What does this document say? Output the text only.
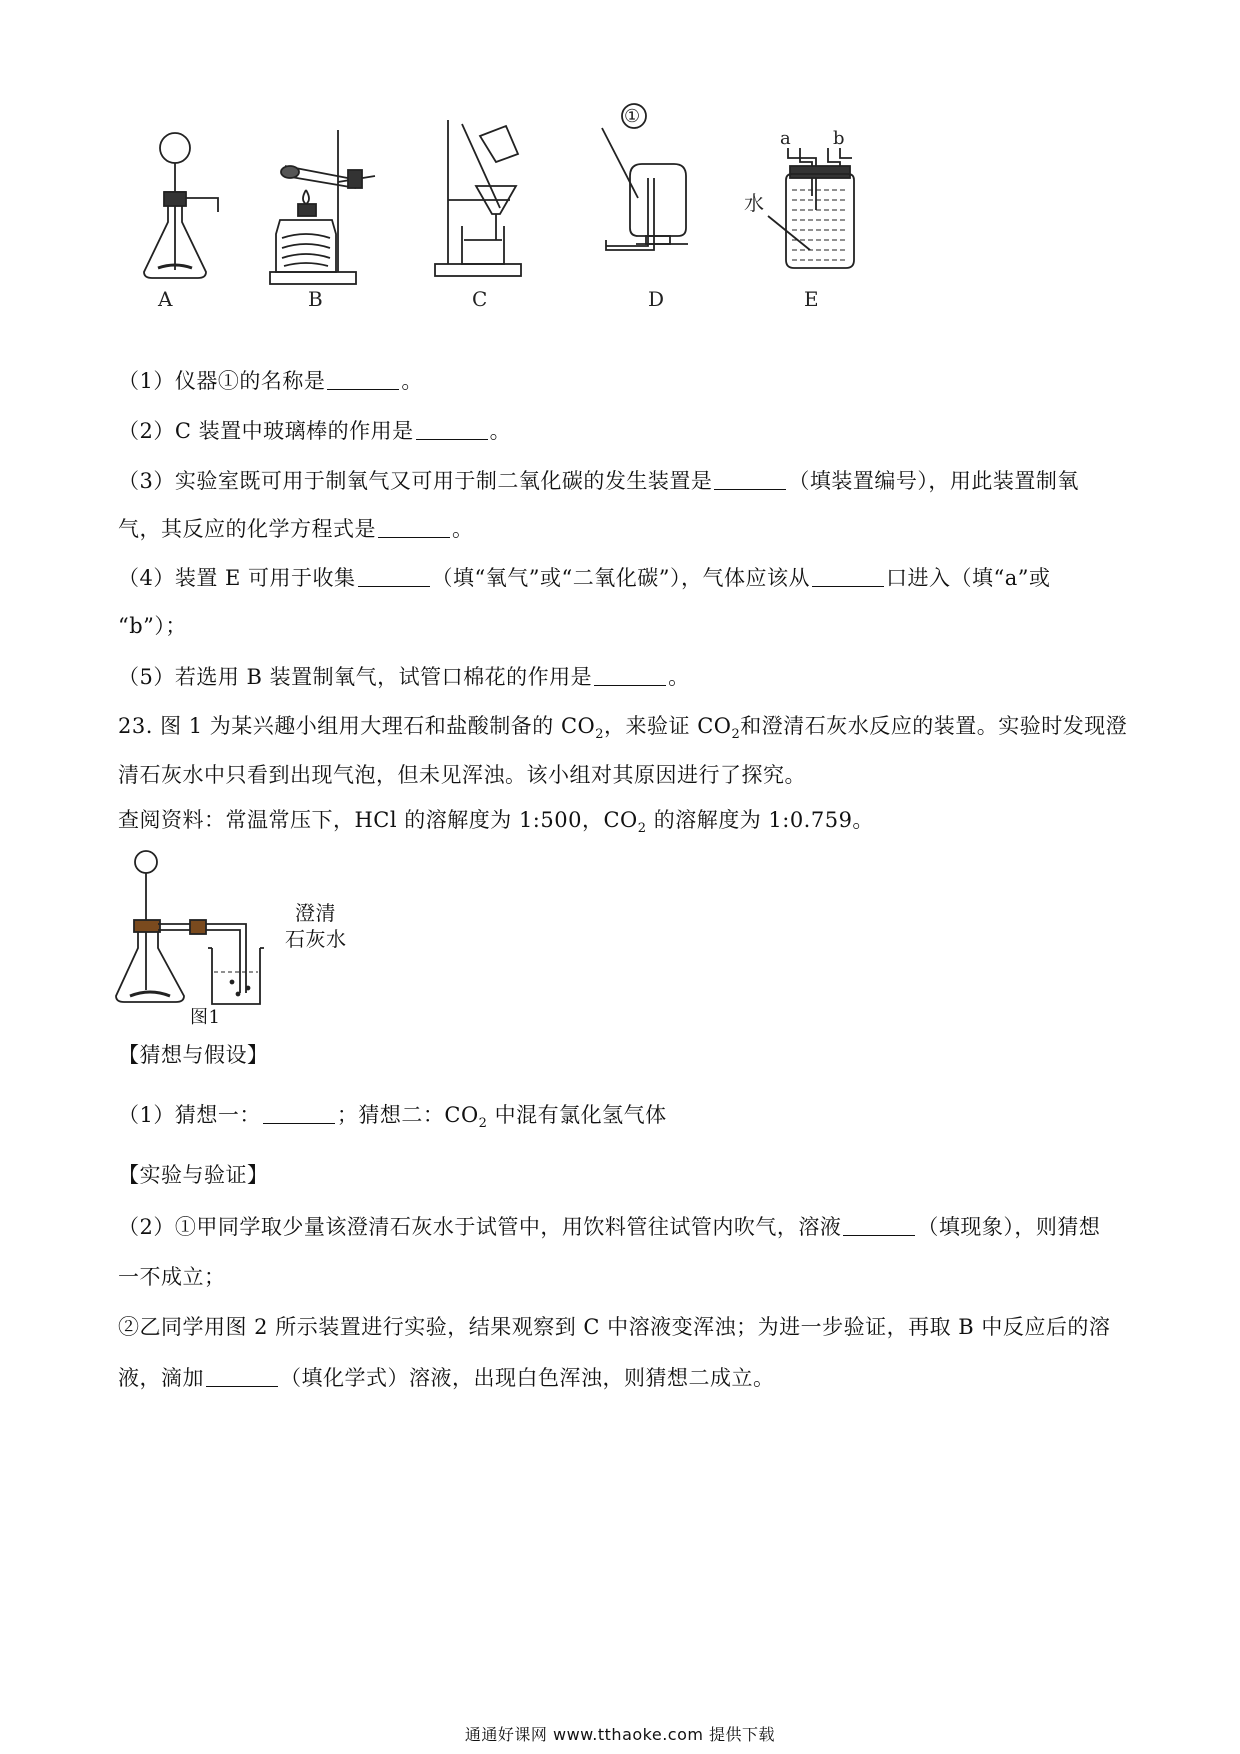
A	B	C	D	E
①
a b
水
（1）仪器①的名称是	。
（2）C 装置中玻璃棒的作用是	。
（3）实验室既可用于制氧气又可用于制二氧化碳的发生装置是	（填装置编号），用此装置制氧
气，其反应的化学方程式是	。
（4）装置 E 可用于收集	（填“氧气”或“二氧化碳”），气体应该从	口进入（填“a”或
“b”）；
（5）若选用 B 装置制氧气，试管口棉花的作用是	。
23. 图 1 为某兴趣小组用大理石和盐酸制备的 $CO_2$，来验证 $CO_2$和澄清石灰水反应的装置。实验时发现澄
清石灰水中只看到出现气泡，但未见浑浊。该小组对其原因进行了探究。
查阅资料：常温常压下，HCl 的溶解度为 1:500，$CO_2$ 的溶解度为 1:0.759。
澄清
石灰水
图1
【猜想与假设】
（1）猜想一：	；猜想二：$CO_2$ 中混有氯化氢气体
【实验与验证】
（2）①甲同学取少量该澄清石灰水于试管中，用饮料管往试管内吹气，溶液	（填现象），则猜想
一不成立；
②乙同学用图 2 所示装置进行实验，结果观察到 C 中溶液变浑浊；为进一步验证，再取 B 中反应后的溶
液，滴加	（填化学式）溶液，出现白色浑浊，则猜想二成立。
通通好课网 www.tthaoke.com 提供下载
